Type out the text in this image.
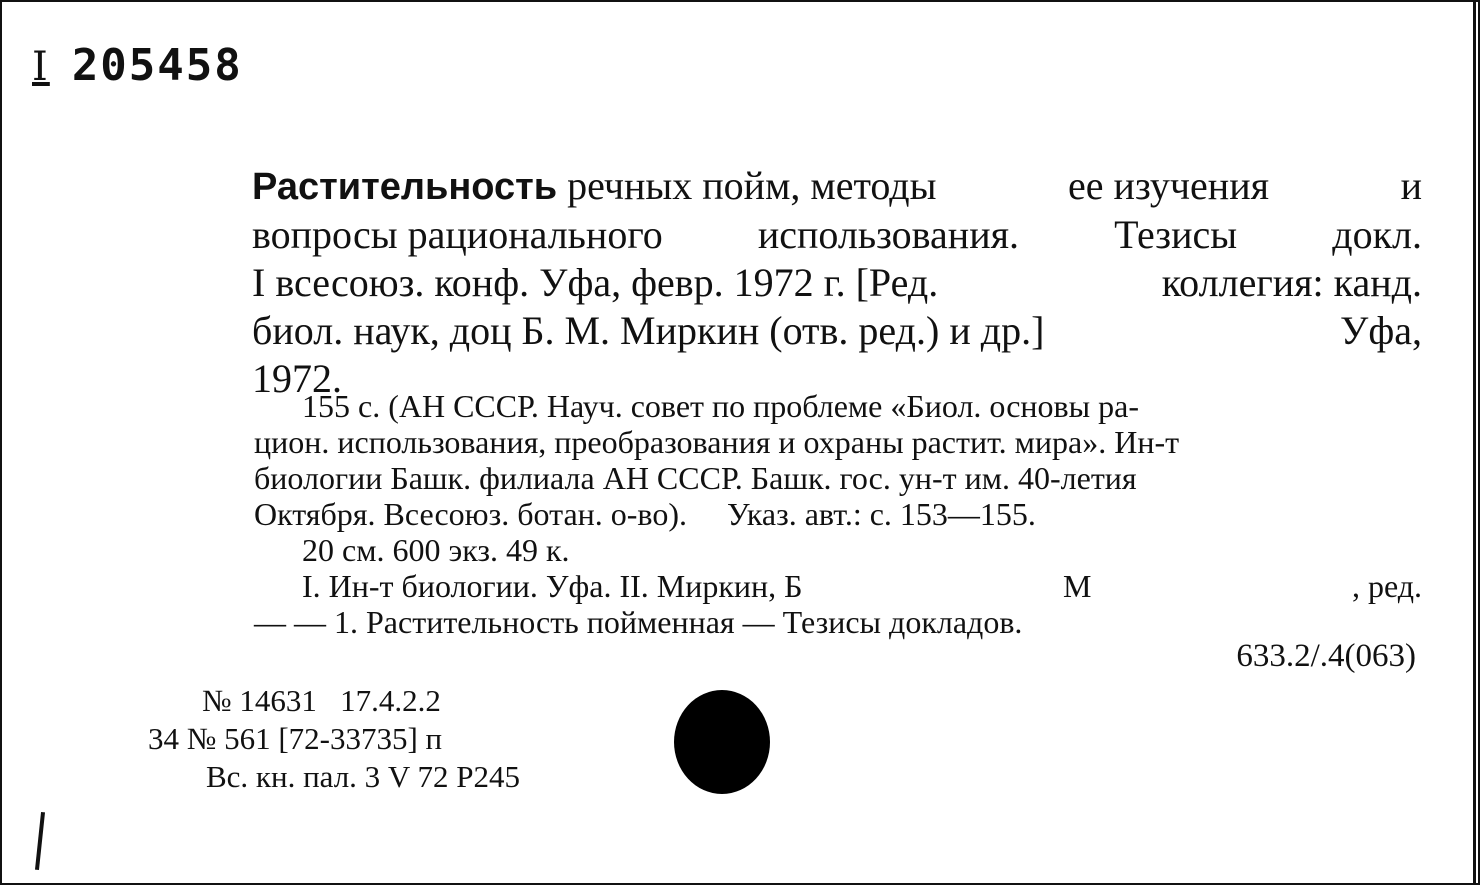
I 205458
Растительность речных пойм, методы	ее изучения	и
вопросы рационального использования. Тезисы докл.
I всесоюз. конф. Уфа, февр. 1972 г. [Ред.	коллегия: канд.
биол. наук, доц Б. М. Миркин (отв. ред.) и др.]	Уфа,
1972.
155 с. (АН СССР. Науч. совет по проблеме «Биол. основы ра-
цион. использования, преобразования и охраны растит. мира». Ин-т
биологии Башк. филиала АН СССР. Башк. гос. ун-т им. 40-летия
Октября. Всесоюз. ботан. о-во).     Указ. авт.: с. 153—155.
20 см. 600 экз. 49 к.
I. Ин-т биологии. Уфа. II. Миркин, Б	М	, ред.
— — 1. Растительность пойменная — Тезисы докладов.
633.2/.4(063)
№ 14631   17.4.2.2
34 № 561 [72-33735] п
Вс. кн. пал. 3 V 72 Р245
